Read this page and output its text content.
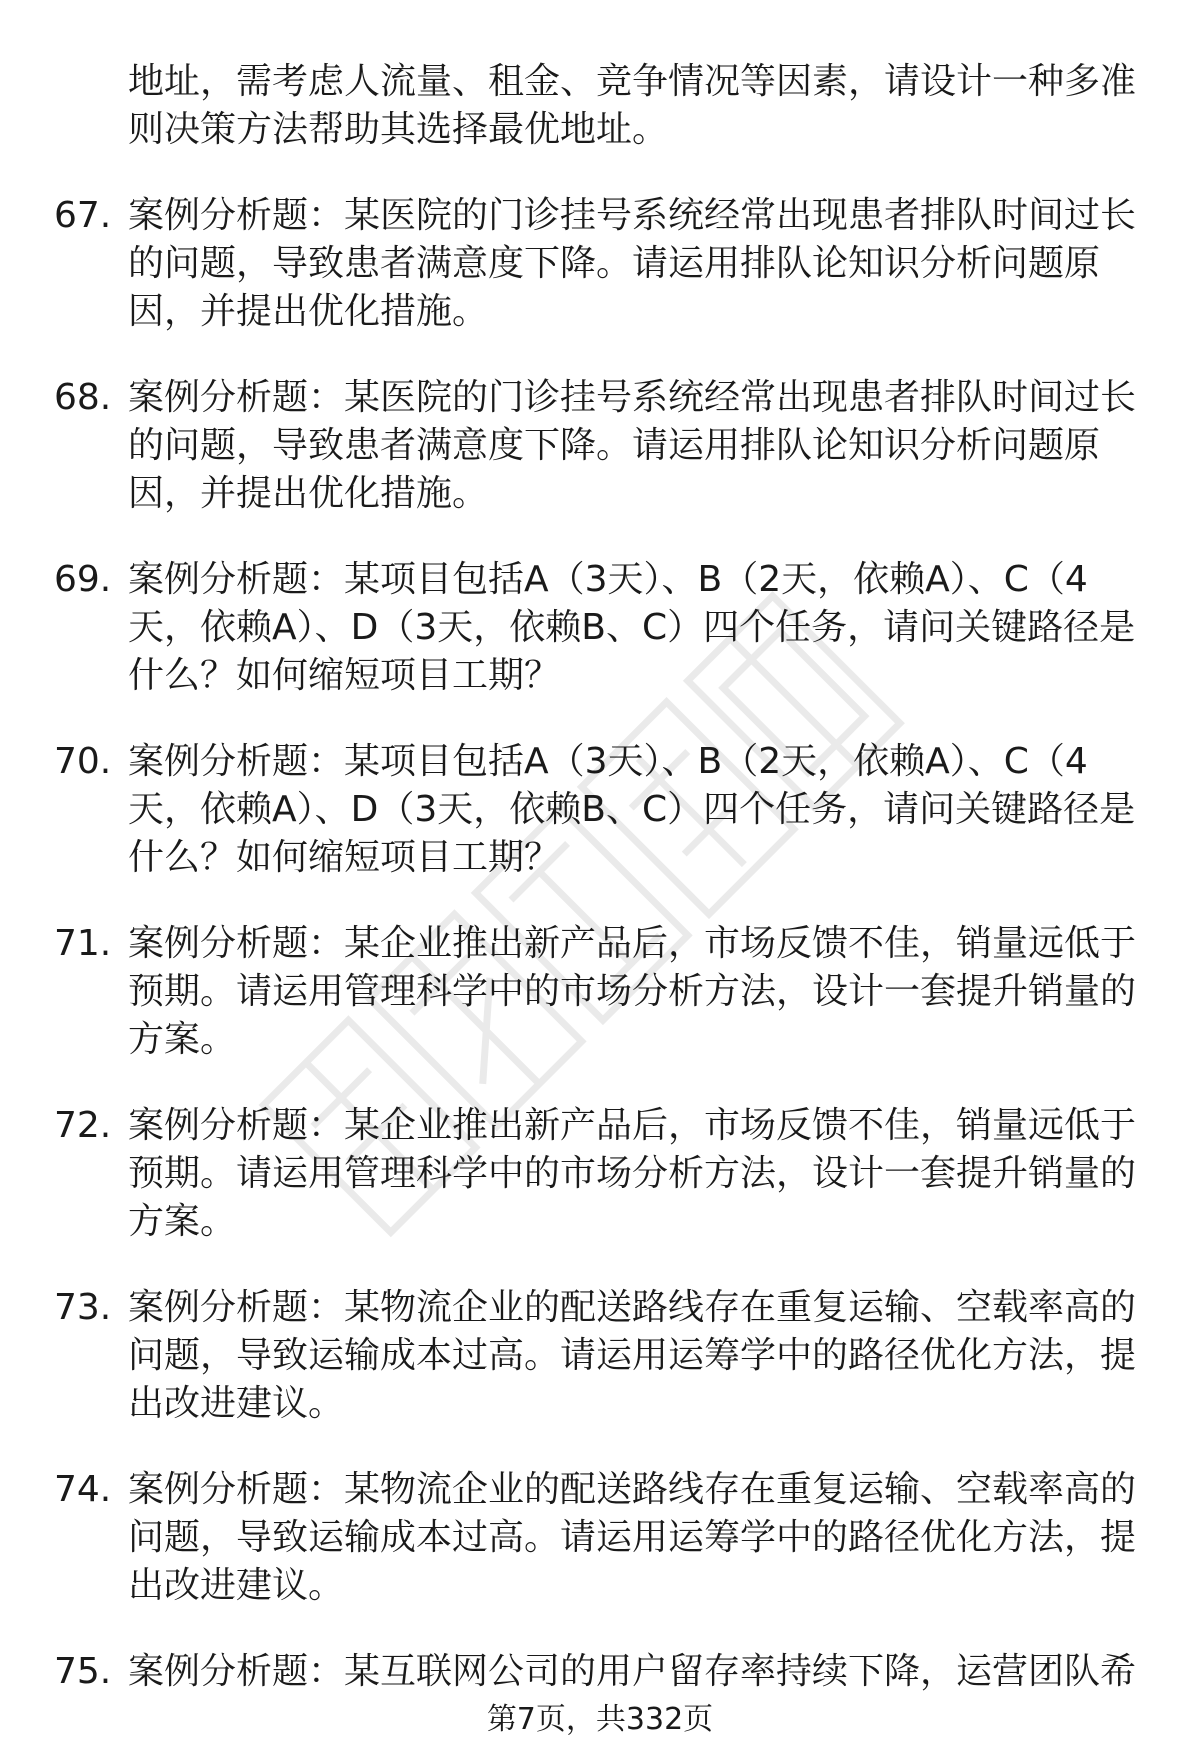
地址，需考虑人流量、租金、竞争情况等因素，请设计一种多准则决策方法帮助其选择最优地址。

67. 案例分析题：某医院的门诊挂号系统经常出现患者排队时间过长的问题，导致患者满意度下降。请运用排队论知识分析问题原因，并提出优化措施。
68. 案例分析题：某医院的门诊挂号系统经常出现患者排队时间过长的问题，导致患者满意度下降。请运用排队论知识分析问题原因，并提出优化措施。
69. 案例分析题：某项目包括A（3天）、B（2天，依赖A）、C（4天，依赖A）、D（3天，依赖B、C）四个任务，请问关键路径是什么？如何缩短项目工期？
70. 案例分析题：某项目包括A（3天）、B（2天，依赖A）、C（4天，依赖A）、D（3天，依赖B、C）四个任务，请问关键路径是什么？如何缩短项目工期？
71. 案例分析题：某企业推出新产品后，市场反馈不佳，销量远低于预期。请运用管理科学中的市场分析方法，设计一套提升销量的方案。
72. 案例分析题：某企业推出新产品后，市场反馈不佳，销量远低于预期。请运用管理科学中的市场分析方法，设计一套提升销量的方案。
73. 案例分析题：某物流企业的配送路线存在重复运输、空载率高的问题，导致运输成本过高。请运用运筹学中的路径优化方法，提出改进建议。
74. 案例分析题：某物流企业的配送路线存在重复运输、空载率高的问题，导致运输成本过高。请运用运筹学中的路径优化方法，提出改进建议。
75. 案例分析题：某互联网公司的用户留存率持续下降，运营团队希
第7页，共332页
